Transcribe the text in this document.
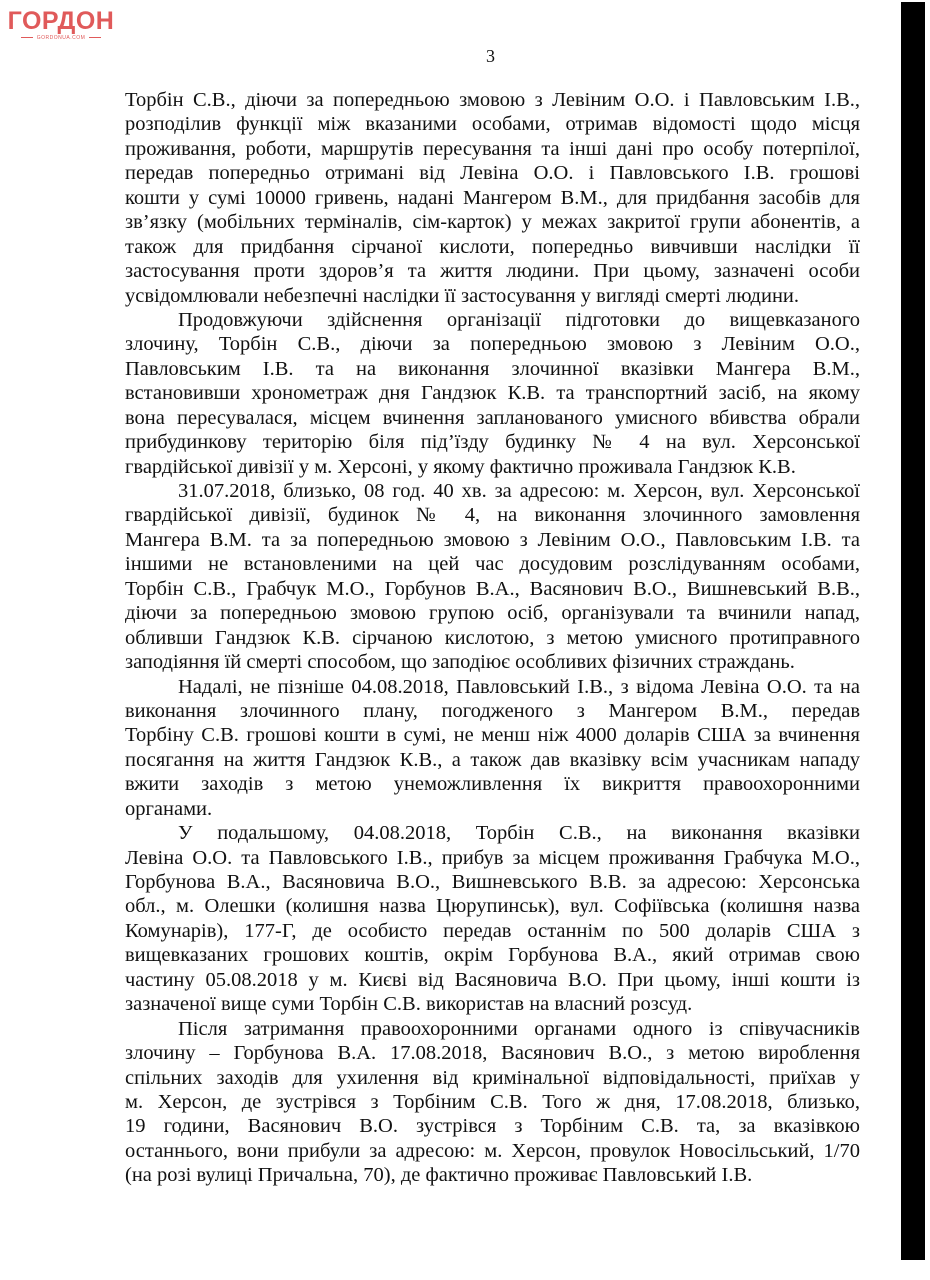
ГОРДОН
GORDONUA.COM
3
Торбін С.В., діючи за попередньою змовою з Левіним О.О. і Павловським І.В.,
розподілив функції між вказаними особами, отримав відомості щодо місця
проживання, роботи, маршрутів пересування та інші дані про особу потерпілої,
передав попередньо отримані від Левіна О.О. і Павловського І.В. грошові
кошти у сумі 10000 гривень, надані Мангером В.М., для придбання засобів для
зв’язку (мобільних терміналів, сім-карток) у межах закритої групи абонентів, а
також для придбання сірчаної кислоти, попередньо вивчивши наслідки її
застосування проти здоров’я та життя людини. При цьому, зазначені особи
усвідомлювали небезпечні наслідки її застосування у вигляді смерті людини.
Продовжуючи здійснення організації підготовки до вищевказаного
злочину, Торбін С.В., діючи за попередньою змовою з Левіним О.О.,
Павловським І.В. та на виконання злочинної вказівки Мангера В.М.,
встановивши хронометраж дня Гандзюк К.В. та транспортний засіб, на якому
вона пересувалася, місцем вчинення запланованого умисного вбивства обрали
прибудинкову територію біля під’їзду будинку № 4 на вул. Херсонської
гвардійської дивізії у м. Херсоні, у якому фактично проживала Гандзюк К.В.
31.07.2018, близько, 08 год. 40 хв. за адресою: м. Херсон, вул. Херсонської
гвардійської дивізії, будинок № 4, на виконання злочинного замовлення
Мангера В.М. та за попередньою змовою з Левіним О.О., Павловським І.В. та
іншими не встановленими на цей час досудовим розслідуванням особами,
Торбін С.В., Грабчук М.О., Горбунов В.А., Васянович В.О., Вишневський В.В.,
діючи за попередньою змовою групою осіб, організували та вчинили напад,
обливши Гандзюк К.В. сірчаною кислотою, з метою умисного протиправного
заподіяння їй смерті способом, що заподіює особливих фізичних страждань.
Надалі, не пізніше 04.08.2018, Павловський І.В., з відома Левіна О.О. та на
виконання злочинного плану, погодженого з Мангером В.М., передав
Торбіну С.В. грошові кошти в сумі, не менш ніж 4000 доларів США за вчинення
посягання на життя Гандзюк К.В., а також дав вказівку всім учасникам нападу
вжити заходів з метою унеможливлення їх викриття правоохоронними
органами.
У подальшому, 04.08.2018, Торбін С.В., на виконання вказівки
Левіна О.О. та Павловського І.В., прибув за місцем проживання Грабчука М.О.,
Горбунова В.А., Васяновича В.О., Вишневського В.В. за адресою: Херсонська
обл., м. Олешки (колишня назва Цюрупинськ), вул. Софіївська (колишня назва
Комунарів), 177-Г, де особисто передав останнім по 500 доларів США з
вищевказаних грошових коштів, окрім Горбунова В.А., який отримав свою
частину 05.08.2018 у м. Києві від Васяновича В.О. При цьому, інші кошти із
зазначеної вище суми Торбін С.В. використав на власний розсуд.
Після затримання правоохоронними органами одного із співучасників
злочину – Горбунова В.А. 17.08.2018, Васянович В.О., з метою вироблення
спільних заходів для ухилення від кримінальної відповідальності, приїхав у
м. Херсон, де зустрівся з Торбіним С.В. Того ж дня, 17.08.2018, близько,
19 години, Васянович В.О. зустрівся з Торбіним С.В. та, за вказівкою
останнього, вони прибули за адресою: м. Херсон, провулок Новосільський, 1/70
(на розі вулиці Причальна, 70), де фактично проживає Павловський І.В.
